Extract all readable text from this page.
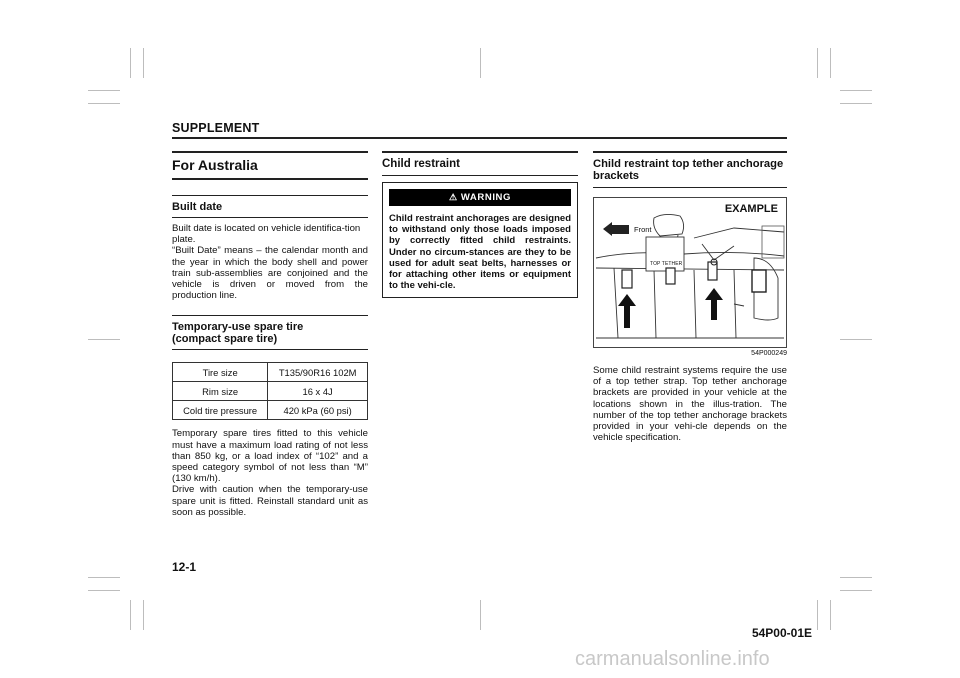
SUPPLEMENT
For Australia
Built date

Built date is located on vehicle identifica-tion plate.

“Built Date” means – the calendar month and the year in which the body shell and power train sub-assemblies are conjoined and the vehicle is driven or moved from the production line.

Temporary-use spare tire
(compact spare tire)
Tire size	T135/90R16 102M
Rim size	16 x 4J
Cold tire pressure	420 kPa (60 psi)

Temporary spare tires fitted to this vehicle must have a maximum load rating of not less than 850 kg, or a load index of “102” and a speed category symbol of not less than “M” (130 km/h).

Drive with caution when the temporary-use spare unit is fitted. Reinstall standard unit as soon as possible.

Child restraint
⚠ WARNING
Child restraint anchorages are designed to withstand only those loads imposed by correctly fitted child restraints. Under no circum-stances are they to be used for adult seat belts, harnesses or for attaching other items or equipment to the vehi-cle.
Child restraint top tether anchorage
brackets
EXAMPLE
Front
TOP TETHER
54P000249

Some child restraint systems require the use of a top tether strap. Top tether anchorage brackets are provided in your vehicle at the locations shown in the illus-tration. The number of the top tether anchorage brackets provided in your vehi-cle depends on the vehicle specification.

12-1
54P00-01E
carmanualsonline.info
